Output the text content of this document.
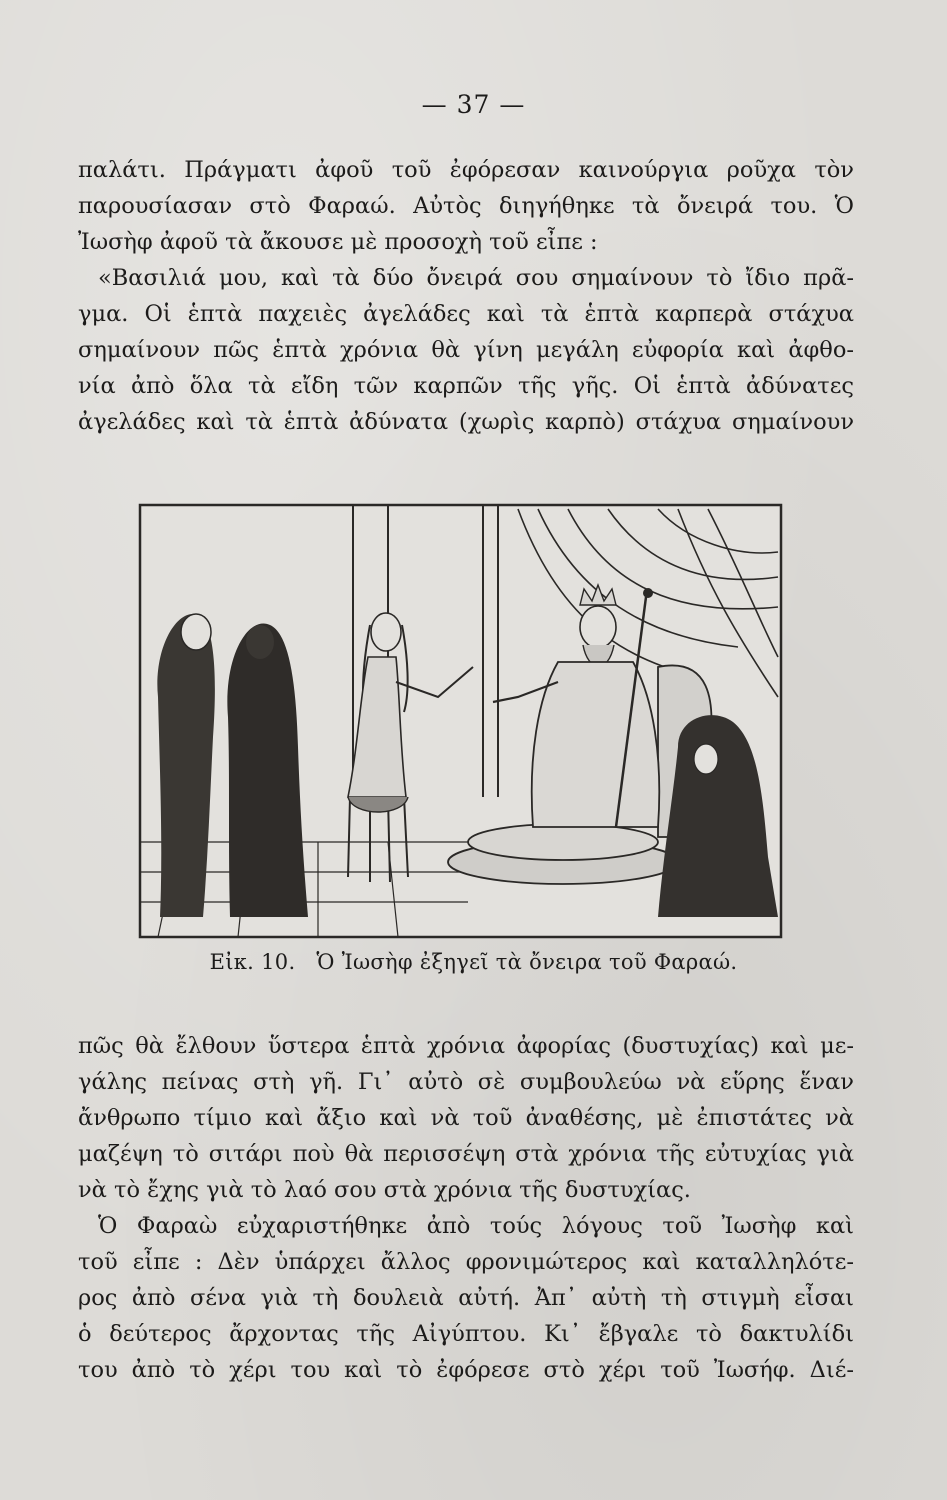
— 37 —
παλάτι. Πράγματι ἀφοῦ τοῦ ἐφόρεσαν καινούργια ροῦχα τὸν
παρουσίασαν στὸ Φαραώ. Αὐτὸς διηγήθηκε τὰ ὄνειρά του. Ὁ
Ἰωσὴφ ἀφοῦ τὰ ἄκουσε μὲ προσοχὴ τοῦ εἶπε :
«Βασιλιά μου, καὶ τὰ δύο ὄνειρά σου σημαίνουν τὸ ἴδιο πρᾶ-
γμα. Οἱ ἑπτὰ παχειὲς ἀγελάδες καὶ τὰ ἑπτὰ καρπερὰ στάχυα
σημαίνουν πῶς ἑπτὰ χρόνια θὰ γίνη μεγάλη εὐφορία καὶ ἀφθο-
νία ἀπὸ ὅλα τὰ εἴδη τῶν καρπῶν τῆς γῆς. Οἱ ἑπτὰ ἀδύνατες
ἀγελάδες καὶ τὰ ἑπτὰ ἀδύνατα (χωρὶς καρπὸ) στάχυα σημαίνουν
Εἰκ. 10. Ὁ Ἰωσὴφ ἐξηγεῖ τὰ ὄνειρα τοῦ Φαραώ.
πῶς θὰ ἔλθουν ὕστερα ἑπτὰ χρόνια ἀφορίας (δυστυχίας) καὶ με-
γάλης πείνας στὴ γῆ. Γι᾽ αὐτὸ σὲ συμβουλεύω νὰ εὕρης ἕναν
ἄνθρωπο τίμιο καὶ ἄξιο καὶ νὰ τοῦ ἀναθέσης, μὲ ἐπιστάτες νὰ
μαζέψη τὸ σιτάρι ποὺ θὰ περισσέψη στὰ χρόνια τῆς εὐτυχίας γιὰ
νὰ τὸ ἔχης γιὰ τὸ λαό σου στὰ χρόνια τῆς δυστυχίας.
Ὁ Φαραὼ εὐχαριστήθηκε ἀπὸ τούς λόγους τοῦ Ἰωσὴφ καὶ
τοῦ εἶπε : Δὲν ὑπάρχει ἄλλος φρονιμώτερος καὶ καταλληλότε-
ρος ἀπὸ σένα γιὰ τὴ δουλειὰ αὐτή. Ἀπ᾽ αὐτὴ τὴ στιγμὴ εἶσαι
ὁ δεύτερος ἄρχοντας τῆς Αἰγύπτου. Κι᾽ ἔβγαλε τὸ δακτυλίδι
του ἀπὸ τὸ χέρι του καὶ τὸ ἐφόρεσε στὸ χέρι τοῦ Ἰωσήφ. Διέ-
